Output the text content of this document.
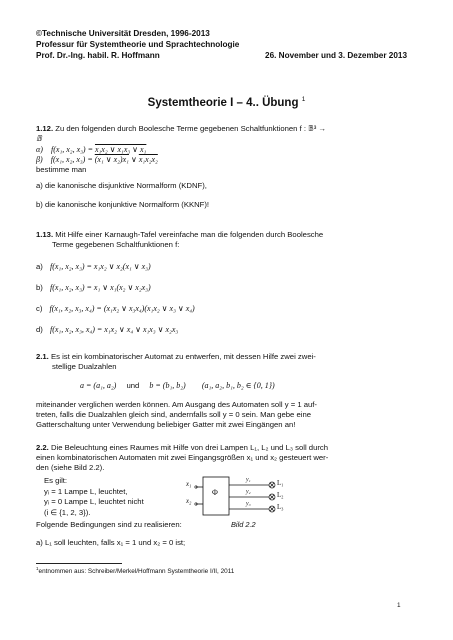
©Technische Universität Dresden, 1996-2013
Professur für Systemtheorie und Sprachtechnologie
Prof. Dr.-Ing. habil. R. Hoffmann	26. November und 3. Dezember 2013
Systemtheorie I – 4.. Übung $^1$
1.12. Zu den folgenden durch Boolesche Terme gegebenen Schaltfunktionen f : 𝔹³ →
𝔹
α) f(x₁, x₂, x₃) = x₁x₂ ∨ x₁x₃ ∨ x₁
β) f(x₁, x₂, x₃) = (x₁ ∨ x₂)x₁ ∨ x₁x₂x₂
bestimme man
a) die kanonische disjunktive Normalform (KDNF),
b) die kanonische konjunktive Normalform (KKNF)!
1.13. Mit Hilfe einer Karnaugh-Tafel vereinfache man die folgenden durch Boolesche
Terme gegebenen Schaltfunktionen f:
a) f(x₁, x₂, x₃) = x₁x₂ ∨ x₂(x₁ ∨ x₃)
b) f(x₁, x₂, x₃) = x₁ ∨ x₁(x₂ ∨ x₂x₃)
c) f(x₁, x₂, x₃, x₄) = (x₁x₂ ∨ x₃x₄)(x₁x₂ ∨ x₃ ∨ x₄)
d) f(x₁, x₂, x₃, x₄) = x₁x₂ ∨ x₄ ∨ x₁x₃ ∨ x₂x₃
2.1. Es ist ein kombinatorischer Automat zu entwerfen, mit dessen Hilfe zwei zwei-
stellige Dualzahlen
a = (a₁, a₂) und b = (b₁, b₂) (a₁, a₂, b₁, b₂ ∈ {0, 1})
miteinander verglichen werden können. Am Ausgang des Automaten soll y = 1 auf-
treten, falls die Dualzahlen gleich sind, andernfalls soll y = 0 sein. Man gebe eine
Gatterschaltung unter Verwendung beliebiger Gatter mit zwei Eingängen an!
2.2. Die Beleuchtung eines Raumes mit Hilfe von drei Lampen L₁, L₂ und L₃ soll durch
einen kombinatorischen Automaten mit zwei Eingangsgrößen x₁ und x₂ gesteuert wer-
den (siehe Bild 2.2).
Es gilt:
yᵢ = 1 Lampe L, leuchtet,
yᵢ = 0 Lampe L, leuchtet nicht
(i ∈ {1, 2, 3}).
Folgende Bedingungen sind zu realisieren:
a) L₁ soll leuchten, falls x₁ = 1 und x₂ = 0 ist;
x₁
x₂
Φ
y₁
y₂
y₃
L₁
L₂
L₃
Bild 2.2
$^1$entnommen aus: Schreiber/Merkel/Hoffmann Systemtheorie I/II, 2011
1
